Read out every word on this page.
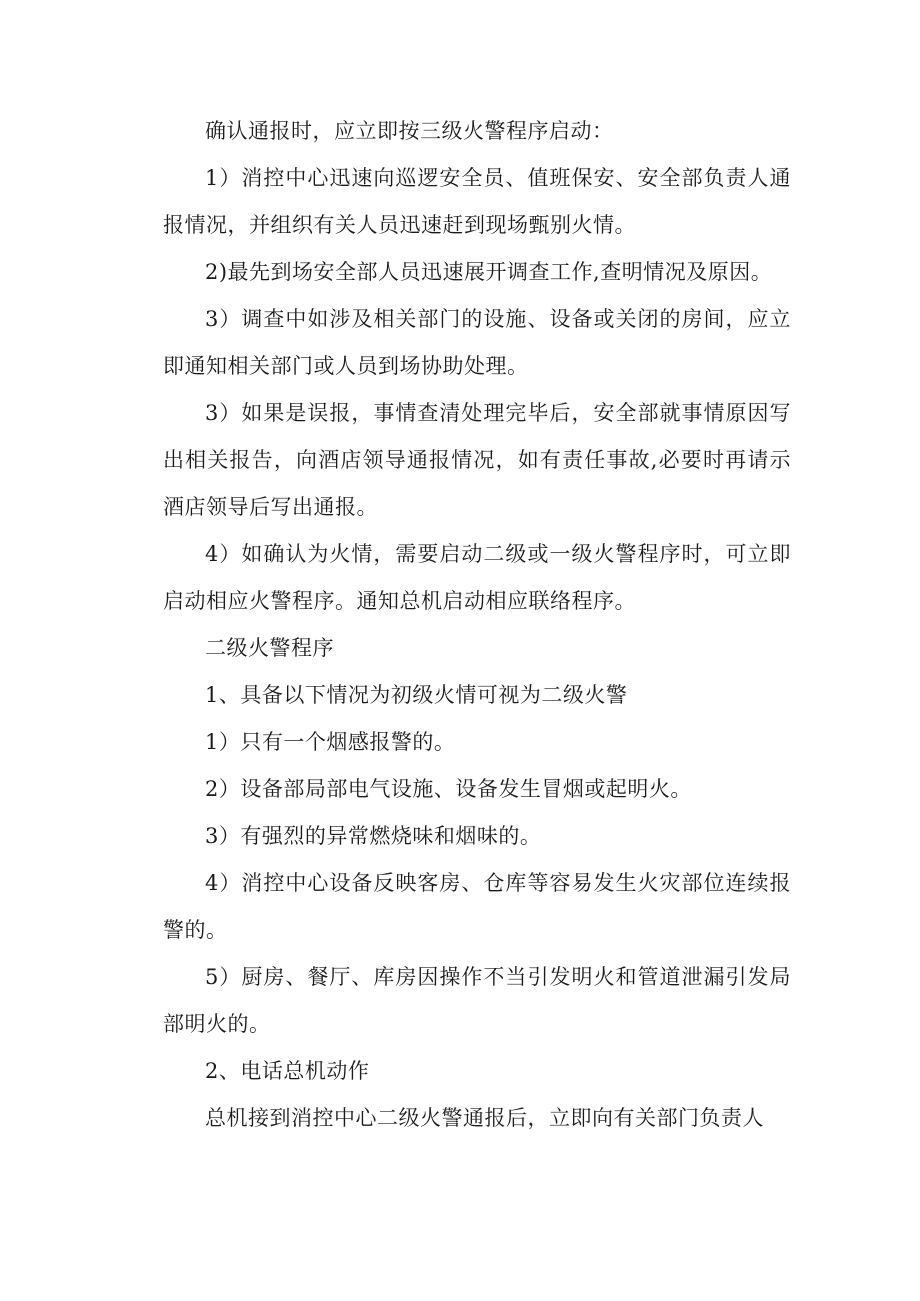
确认通报时，应立即按三级火警程序启动：

1）消控中心迅速向巡逻安全员、值班保安、安全部负责人通报情况，并组织有关人员迅速赶到现场甄别火情。

2)最先到场安全部人员迅速展开调查工作,查明情况及原因。

3）调查中如涉及相关部门的设施、设备或关闭的房间，应立即通知相关部门或人员到场协助处理。

3）如果是误报，事情查清处理完毕后，安全部就事情原因写出相关报告，向酒店领导通报情况，如有责任事故,必要时再请示酒店领导后写出通报。

4）如确认为火情，需要启动二级或一级火警程序时，可立即启动相应火警程序。通知总机启动相应联络程序。

二级火警程序

1、具备以下情况为初级火情可视为二级火警

1）只有一个烟感报警的。

2）设备部局部电气设施、设备发生冒烟或起明火。

3）有强烈的异常燃烧味和烟味的。

4）消控中心设备反映客房、仓库等容易发生火灾部位连续报警的。

5）厨房、餐厅、库房因操作不当引发明火和管道泄漏引发局部明火的。

2、电话总机动作

总机接到消控中心二级火警通报后，立即向有关部门负责人
